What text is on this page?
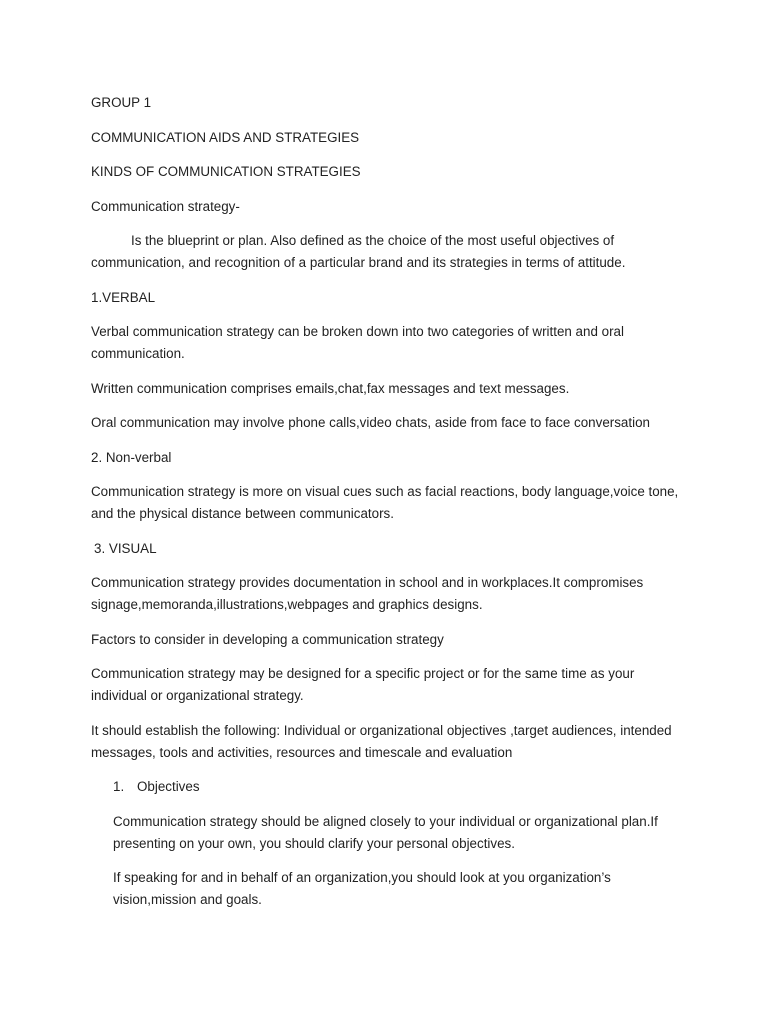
GROUP 1

COMMUNICATION AIDS AND STRATEGIES

KINDS OF COMMUNICATION STRATEGIES

Communication strategy-

Is the blueprint or plan. Also defined as the choice of the most useful objectives of communication, and recognition of a particular brand and its strategies in terms of attitude.

1.VERBAL

Verbal communication strategy can be broken down into two categories of written and oral communication.

Written communication comprises emails,chat,fax messages and text messages.

Oral communication may involve phone calls,video chats, aside from face to face conversation

2. Non-verbal

Communication strategy is more on visual cues such as facial reactions, body language,voice tone, and the physical distance between communicators.

3. VISUAL

Communication strategy provides documentation in school and in workplaces.It compromises signage,memoranda,illustrations,webpages and graphics designs.

Factors to consider in developing a communication strategy

Communication strategy may be designed for a specific project or for the same time as your individual or organizational strategy.

It should establish the following: Individual or organizational objectives ,target audiences, intended messages, tools and activities, resources and timescale and evaluation

1. Objectives

Communication strategy should be aligned closely to your individual or organizational plan.If presenting on your own, you should clarify your personal objectives.

If speaking for and in behalf of an organization,you should look at you organization’s vision,mission and goals.
